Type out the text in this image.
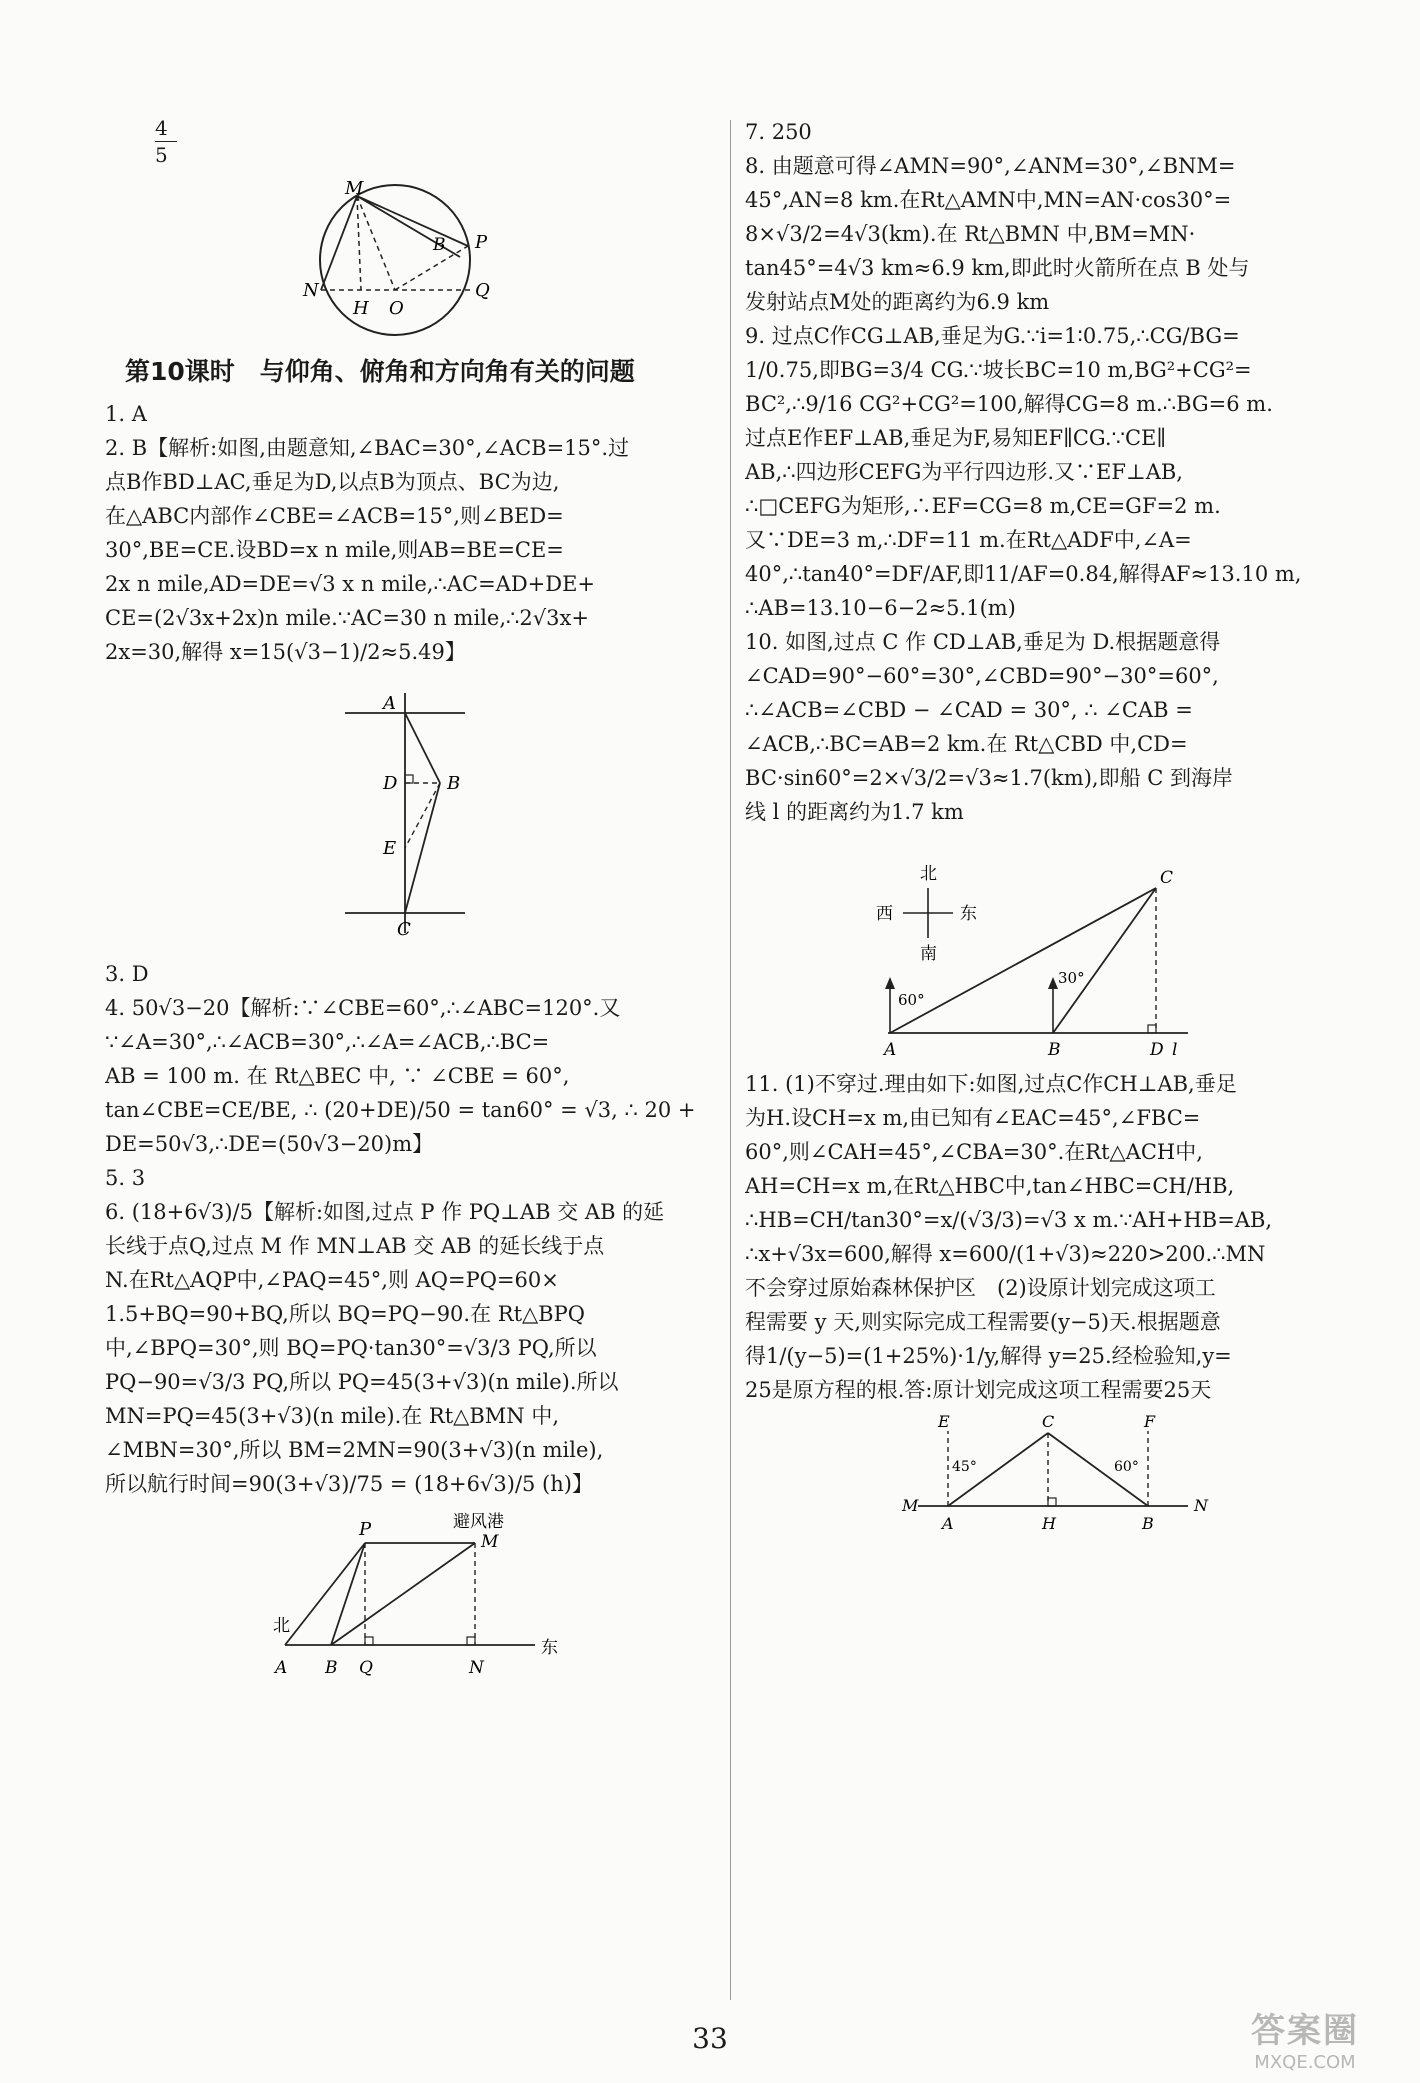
4
5
M
N
H O
B P
Q
第10课时　与仰角、俯角和方向角有关的问题
1. A
2. B【解析:如图,由题意知,∠BAC=30°,∠ACB=15°.过
点B作BD⊥AC,垂足为D,以点B为顶点、BC为边,
在△ABC内部作∠CBE=∠ACB=15°,则∠BED=
30°,BE=CE.设BD=x n mile,则AB=BE=CE=
2x n mile,AD=DE=√3 x n mile,∴AC=AD+DE+
CE=(2√3x+2x)n mile.∵AC=30 n mile,∴2√3x+
2x=30,解得 x=15(√3−1)/2≈5.49】
A
D	B
E
C
3. D
4. 50√3−20【解析:∵∠CBE=60°,∴∠ABC=120°.又
∵∠A=30°,∴∠ACB=30°,∴∠A=∠ACB,∴BC=
AB = 100 m. 在 Rt△BEC 中, ∵ ∠CBE = 60°,
tan∠CBE=CE/BE, ∴ (20+DE)/50 = tan60° = √3, ∴ 20 +
DE=50√3,∴DE=(50√3−20)m】
5. 3
6. (18+6√3)/5【解析:如图,过点 P 作 PQ⊥AB 交 AB 的延
长线于点Q,过点 M 作 MN⊥AB 交 AB 的延长线于点
N.在Rt△AQP中,∠PAQ=45°,则 AQ=PQ=60×
1.5+BQ=90+BQ,所以 BQ=PQ−90.在 Rt△BPQ
中,∠BPQ=30°,则 BQ=PQ·tan30°=√3/3 PQ,所以
PQ−90=√3/3 PQ,所以 PQ=45(3+√3)(n mile).所以
MN=PQ=45(3+√3)(n mile).在 Rt△BMN 中,
∠MBN=30°,所以 BM=2MN=90(3+√3)(n mile),
所以航行时间=90(3+√3)/75 = (18+6√3)/5 (h)】
P	避风港
M
北
A B Q	N
东
7. 250
8. 由题意可得∠AMN=90°,∠ANM=30°,∠BNM=
45°,AN=8 km.在Rt△AMN中,MN=AN·cos30°=
8×√3/2=4√3(km).在 Rt△BMN 中,BM=MN·
tan45°=4√3 km≈6.9 km,即此时火箭所在点 B 处与
发射站点M处的距离约为6.9 km
9. 过点C作CG⊥AB,垂足为G.∵i=1∶0.75,∴CG/BG=
1/0.75,即BG=3/4 CG.∵坡长BC=10 m,BG²+CG²=
BC²,∴9/16 CG²+CG²=100,解得CG=8 m.∴BG=6 m.
过点E作EF⊥AB,垂足为F,易知EF∥CG.∵CE∥
AB,∴四边形CEFG为平行四边形.又∵EF⊥AB,
∴□CEFG为矩形,∴EF=CG=8 m,CE=GF=2 m.
又∵DE=3 m,∴DF=11 m.在Rt△ADF中,∠A=
40°,∴tan40°=DF/AF,即11/AF=0.84,解得AF≈13.10 m,
∴AB=13.10−6−2≈5.1(m)
10. 如图,过点 C 作 CD⊥AB,垂足为 D.根据题意得
∠CAD=90°−60°=30°,∠CBD=90°−30°=60°,
∴∠ACB=∠CBD − ∠CAD = 30°, ∴ ∠CAB =
∠ACB,∴BC=AB=2 km.在 Rt△CBD 中,CD=
BC·sin60°=2×√3/2=√3≈1.7(km),即船 C 到海岸
线 l 的距离约为1.7 km
北
西	东
南
C
30°
60°
A	B	D l
11. (1)不穿过.理由如下:如图,过点C作CH⊥AB,垂足
为H.设CH=x m,由已知有∠EAC=45°,∠FBC=
60°,则∠CAH=45°,∠CBA=30°.在Rt△ACH中,
AH=CH=x m,在Rt△HBC中,tan∠HBC=CH/HB,
∴HB=CH/tan30°=x/(√3/3)=√3 x m.∵AH+HB=AB,
∴x+√3x=600,解得 x=600/(1+√3)≈220>200.∴MN
不会穿过原始森林保护区　(2)设原计划完成这项工
程需要 y 天,则实际完成工程需要(y−5)天.根据题意
得1/(y−5)=(1+25%)·1/y,解得 y=25.经检验知,y=
25是原方程的根.答:原计划完成这项工程需要25天
E	C	F
45°	60°
M
A	H	B
N
33	答案圈
MXQE.COM
